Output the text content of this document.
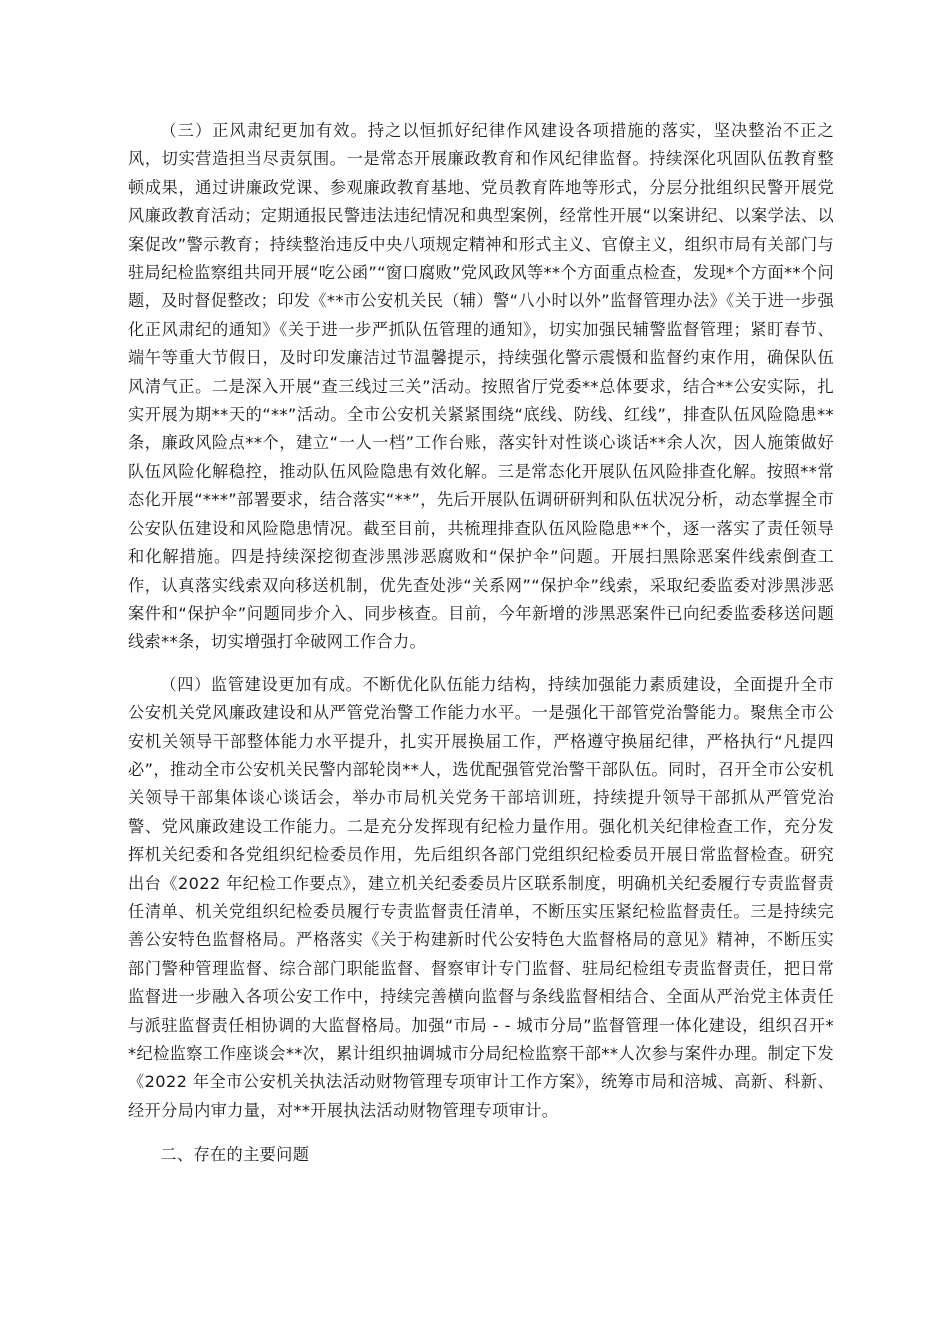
（三）正风肃纪更加有效。持之以恒抓好纪律作风建设各项措施的落实，坚决整治不正之风，切实营造担当尽责氛围。一是常态开展廉政教育和作风纪律监督。持续深化巩固队伍教育整顿成果，通过讲廉政党课、参观廉政教育基地、党员教育阵地等形式，分层分批组织民警开展党风廉政教育活动；定期通报民警违法违纪情况和典型案例，经常性开展“以案讲纪、以案学法、以案促改”警示教育；持续整治违反中央八项规定精神和形式主义、官僚主义，组织市局有关部门与驻局纪检监察组共同开展“吃公函”“窗口腐败”党风政风等**个方面重点检查，发现*个方面**个问题，及时督促整改；印发《**市公安机关民（辅）警“八小时以外”监督管理办法》《关于进一步强化正风肃纪的通知》《关于进一步严抓队伍管理的通知》，切实加强民辅警监督管理；紧盯春节、端午等重大节假日，及时印发廉洁过节温馨提示，持续强化警示震慑和监督约束作用，确保队伍风清气正。二是深入开展“查三线过三关”活动。按照省厅党委**总体要求，结合**公安实际，扎实开展为期**天的“**”活动。全市公安机关紧紧围绕“底线、防线、红线”，排查队伍风险隐患**条，廉政风险点**个，建立“一人一档”工作台账，落实针对性谈心谈话**余人次，因人施策做好队伍风险化解稳控，推动队伍风险隐患有效化解。三是常态化开展队伍风险排查化解。按照**常态化开展“***”部署要求，结合落实“**”，先后开展队伍调研研判和队伍状况分析，动态掌握全市公安队伍建设和风险隐患情况。截至目前，共梳理排查队伍风险隐患**个，逐一落实了责任领导和化解措施。四是持续深挖彻查涉黑涉恶腐败和“保护伞”问题。开展扫黑除恶案件线索倒查工作，认真落实线索双向移送机制，优先查处涉“关系网”“保护伞”线索，采取纪委监委对涉黑涉恶案件和“保护伞”问题同步介入、同步核查。目前，今年新增的涉黑恶案件已向纪委监委移送问题线索**条，切实增强打伞破网工作合力。

（四）监管建设更加有成。不断优化队伍能力结构，持续加强能力素质建设，全面提升全市公安机关党风廉政建设和从严管党治警工作能力水平。一是强化干部管党治警能力。聚焦全市公安机关领导干部整体能力水平提升，扎实开展换届工作，严格遵守换届纪律，严格执行“凡提四必”，推动全市公安机关民警内部轮岗**人，选优配强管党治警干部队伍。同时，召开全市公安机关领导干部集体谈心谈话会，举办市局机关党务干部培训班，持续提升领导干部抓从严管党治警、党风廉政建设工作能力。二是充分发挥现有纪检力量作用。强化机关纪律检查工作，充分发挥机关纪委和各党组织纪检委员作用，先后组织各部门党组织纪检委员开展日常监督检查。研究出台《2022 年纪检工作要点》，建立机关纪委委员片区联系制度，明确机关纪委履行专责监督责任清单、机关党组织纪检委员履行专责监督责任清单，不断压实压紧纪检监督责任。三是持续完善公安特色监督格局。严格落实《关于构建新时代公安特色大监督格局的意见》精神，不断压实部门警种管理监督、综合部门职能监督、督察审计专门监督、驻局纪检组专责监督责任，把日常监督进一步融入各项公安工作中，持续完善横向监督与条线监督相结合、全面从严治党主体责任与派驻监督责任相协调的大监督格局。加强“市局 - - 城市分局”监督管理一体化建设，组织召开**纪检监察工作座谈会**次，累计组织抽调城市分局纪检监察干部**人次参与案件办理。制定下发《2022 年全市公安机关执法活动财物管理专项审计工作方案》，统筹市局和涪城、高新、科新、经开分局内审力量，对**开展执法活动财物管理专项审计。

二、存在的主要问题
